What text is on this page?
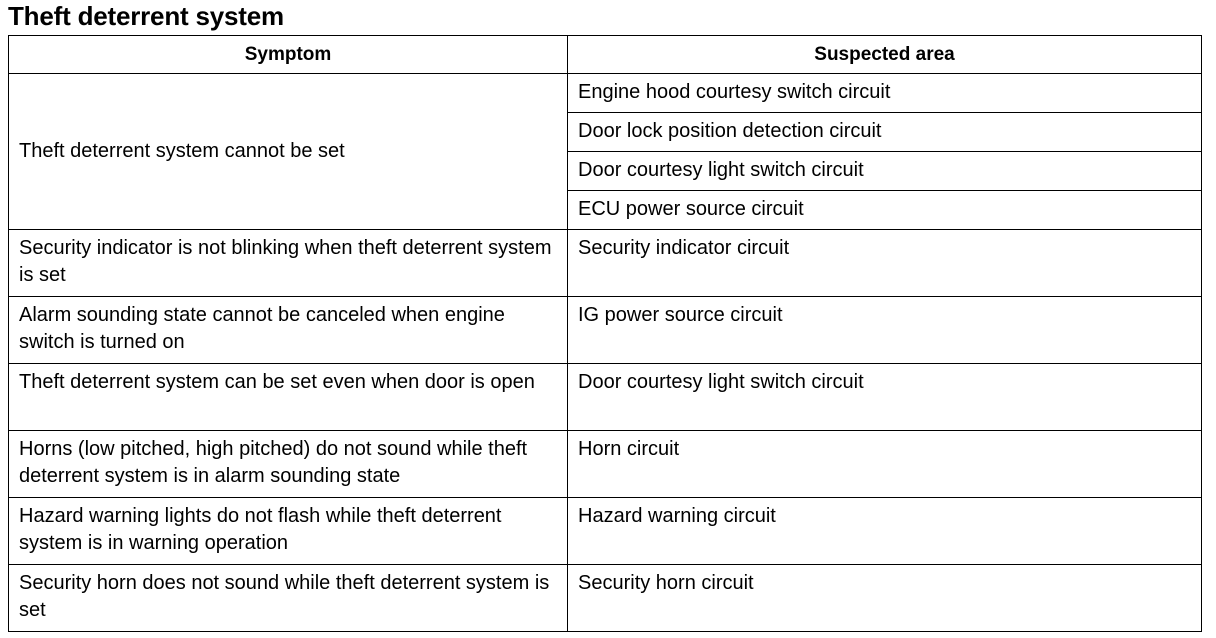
Theft deterrent system
Symptom	Suspected area
Theft deterrent system cannot be set	Engine hood courtesy switch circuit
	Door lock position detection circuit
	Door courtesy light switch circuit
	ECU power source circuit
Security indicator is not blinking when theft deterrent system is set	Security indicator circuit
Alarm sounding state cannot be canceled when engine switch is turned on	IG power source circuit
Theft deterrent system can be set even when door is open	Door courtesy light switch circuit
Horns (low pitched, high pitched) do not sound while theft deterrent system is in alarm sounding state	Horn circuit
Hazard warning lights do not flash while theft deterrent system is in warning operation	Hazard warning circuit
Security horn does not sound while theft deterrent system is set	Security horn circuit
